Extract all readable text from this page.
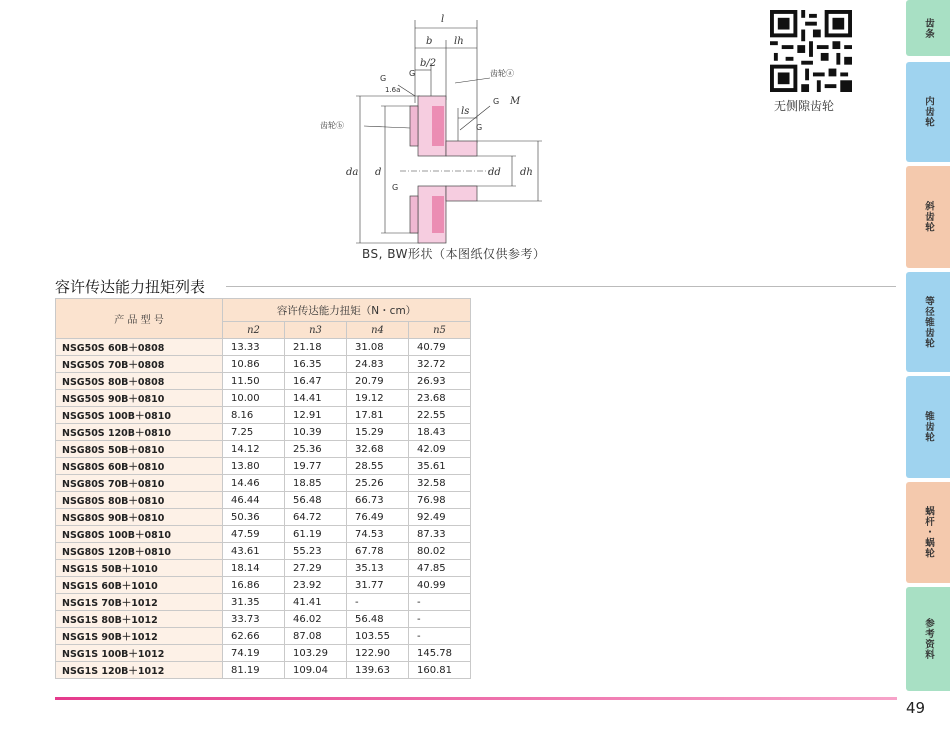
l
b lh
b/2
ls
M
da d	dd dh
G
G
G
G
G
1.6a
齿轮ⓐ
齿轮ⓑ
BS, BW形状（本图纸仅供参考）
无侧隙齿轮
容许传达能力扭矩列表
产 品 型 号	容许传达能力扭矩（N・cm）			
	n2	n3	n4	n5
NSG50S 60B＋0808	13.33	21.18	31.08	40.79
NSG50S 70B＋0808	10.86	16.35	24.83	32.72
NSG50S 80B＋0808	11.50	16.47	20.79	26.93
NSG50S 90B＋0810	10.00	14.41	19.12	23.68
NSG50S 100B＋0810	8.16	12.91	17.81	22.55
NSG50S 120B＋0810	7.25	10.39	15.29	18.43
NSG80S 50B＋0810	14.12	25.36	32.68	42.09
NSG80S 60B＋0810	13.80	19.77	28.55	35.61
NSG80S 70B＋0810	14.46	18.85	25.26	32.58
NSG80S 80B＋0810	46.44	56.48	66.73	76.98
NSG80S 90B＋0810	50.36	64.72	76.49	92.49
NSG80S 100B＋0810	47.59	61.19	74.53	87.33
NSG80S 120B＋0810	43.61	55.23	67.78	80.02
NSG1S 50B＋1010	18.14	27.29	35.13	47.85
NSG1S 60B＋1010	16.86	23.92	31.77	40.99
NSG1S 70B＋1012	31.35	41.41	-	-
NSG1S 80B＋1012	33.73	46.02	56.48	-
NSG1S 90B＋1012	62.66	87.08	103.55	-
NSG1S 100B＋1012	74.19	103.29	122.90	145.78
NSG1S 120B＋1012	81.19	109.04	139.63	160.81
49
齿条
内齿轮
斜齿轮
等径锥齿轮
锥齿轮
蜗杆・蜗轮
参考资料
